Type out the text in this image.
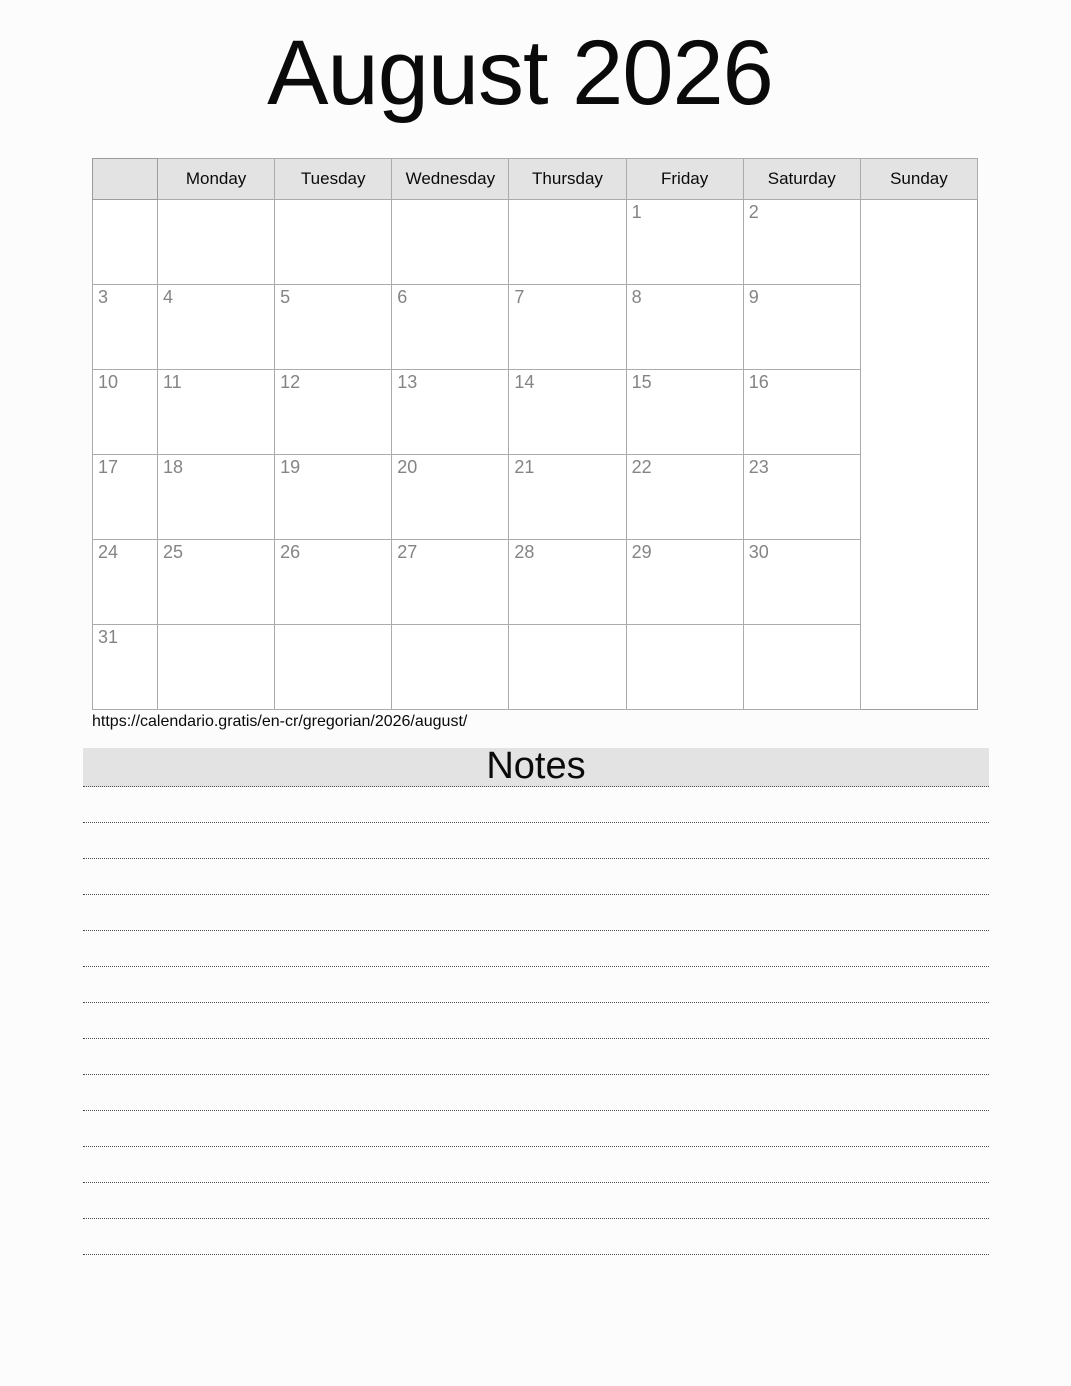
August 2026
	Monday	Tuesday	Wednesday	Thursday	Friday	Saturday	Sunday
					1	2	
3	4	5	6	7	8	9	
10	11	12	13	14	15	16	
17	18	19	20	21	22	23	
24	25	26	27	28	29	30	
31							
https://calendario.gratis/en-cr/gregorian/2026/august/
Notes
